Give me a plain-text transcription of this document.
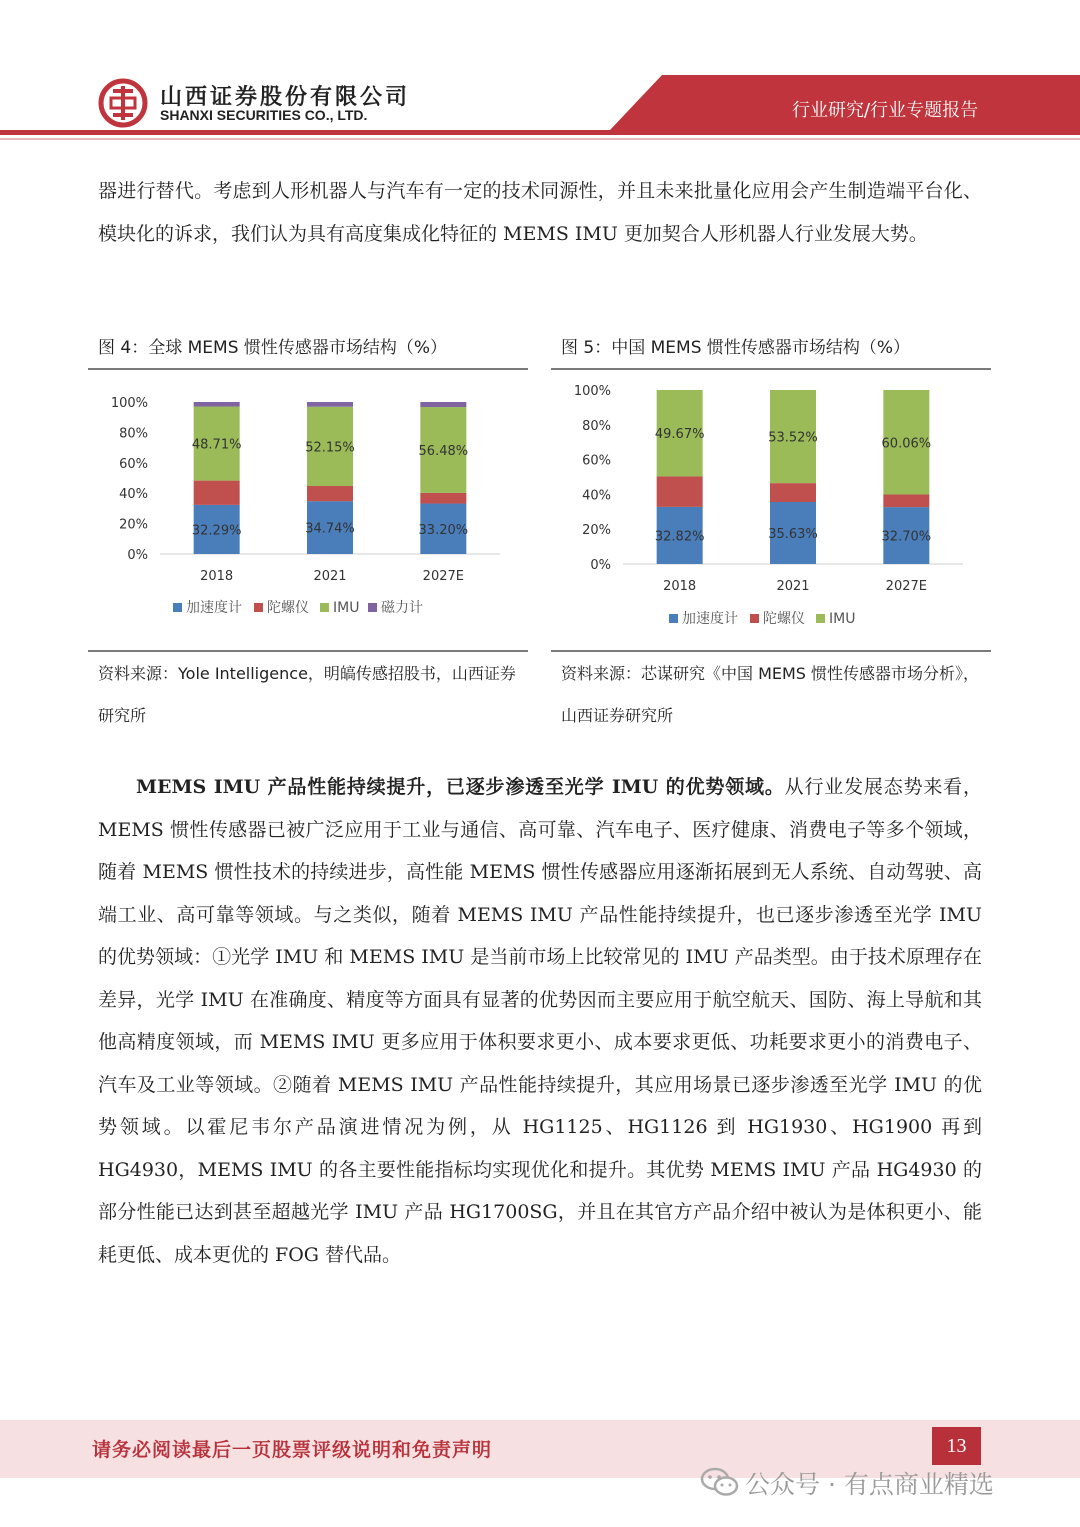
山西证券股份有限公司
SHANXI SECURITIES CO., LTD.	行业研究/行业专题报告

器进行替代。考虑到人形机器人与汽车有一定的技术同源性，并且未来批量化应用会产生制造端平台化、模块化的诉求，我们认为具有高度集成化特征的 MEMS IMU 更加契合人形机器人行业发展大势。

图 4：全球 MEMS 惯性传感器市场结构（%）
100%
80%
60%
40%
20%
0%
32.29%
48.71%
2018
34.74%
52.15%
2021
33.20%
56.48%
2027E
加速度计 陀螺仪 IMU 磁力计
资料来源：Yole Intelligence，明皜传感招股书，山西证券研究所
图 5：中国 MEMS 惯性传感器市场结构（%）
100%
80%
60%
40%
20%
0%
32.82%
49.67%
2018
35.63%
53.52%
2021
32.70%
60.06%
2027E
加速度计 陀螺仪 IMU
资料来源：芯谋研究《中国 MEMS 惯性传感器市场分析》，山西证券研究所

MEMS IMU 产品性能持续提升，已逐步渗透至光学 IMU 的优势领域。从行业发展态势来看，MEMS 惯性传感器已被广泛应用于工业与通信、高可靠、汽车电子、医疗健康、消费电子等多个领域，随着 MEMS 惯性技术的持续进步，高性能 MEMS 惯性传感器应用逐渐拓展到无人系统、自动驾驶、高端工业、高可靠等领域。与之类似，随着 MEMS IMU 产品性能持续提升，也已逐步渗透至光学 IMU 的优势领域：①光学 IMU 和 MEMS IMU 是当前市场上比较常见的 IMU 产品类型。由于技术原理存在差异，光学 IMU 在准确度、精度等方面具有显著的优势因而主要应用于航空航天、国防、海上导航和其他高精度领域，而 MEMS IMU 更多应用于体积要求更小、成本要求更低、功耗要求更小的消费电子、汽车及工业等领域。②随着 MEMS IMU 产品性能持续提升，其应用场景已逐步渗透至光学 IMU 的优势领域。以霍尼韦尔产品演进情况为例，从 HG1125、HG1126 到 HG1930、HG1900 再到 HG4930，MEMS IMU 的各主要性能指标均实现优化和提升。其优势 MEMS IMU 产品 HG4930 的部分性能已达到甚至超越光学 IMU 产品 HG1700SG，并且在其官方产品介绍中被认为是体积更小、能耗更低、成本更优的 FOG 替代品。

请务必阅读最后一页股票评级说明和免责声明	13
公众号 · 有点商业精选
